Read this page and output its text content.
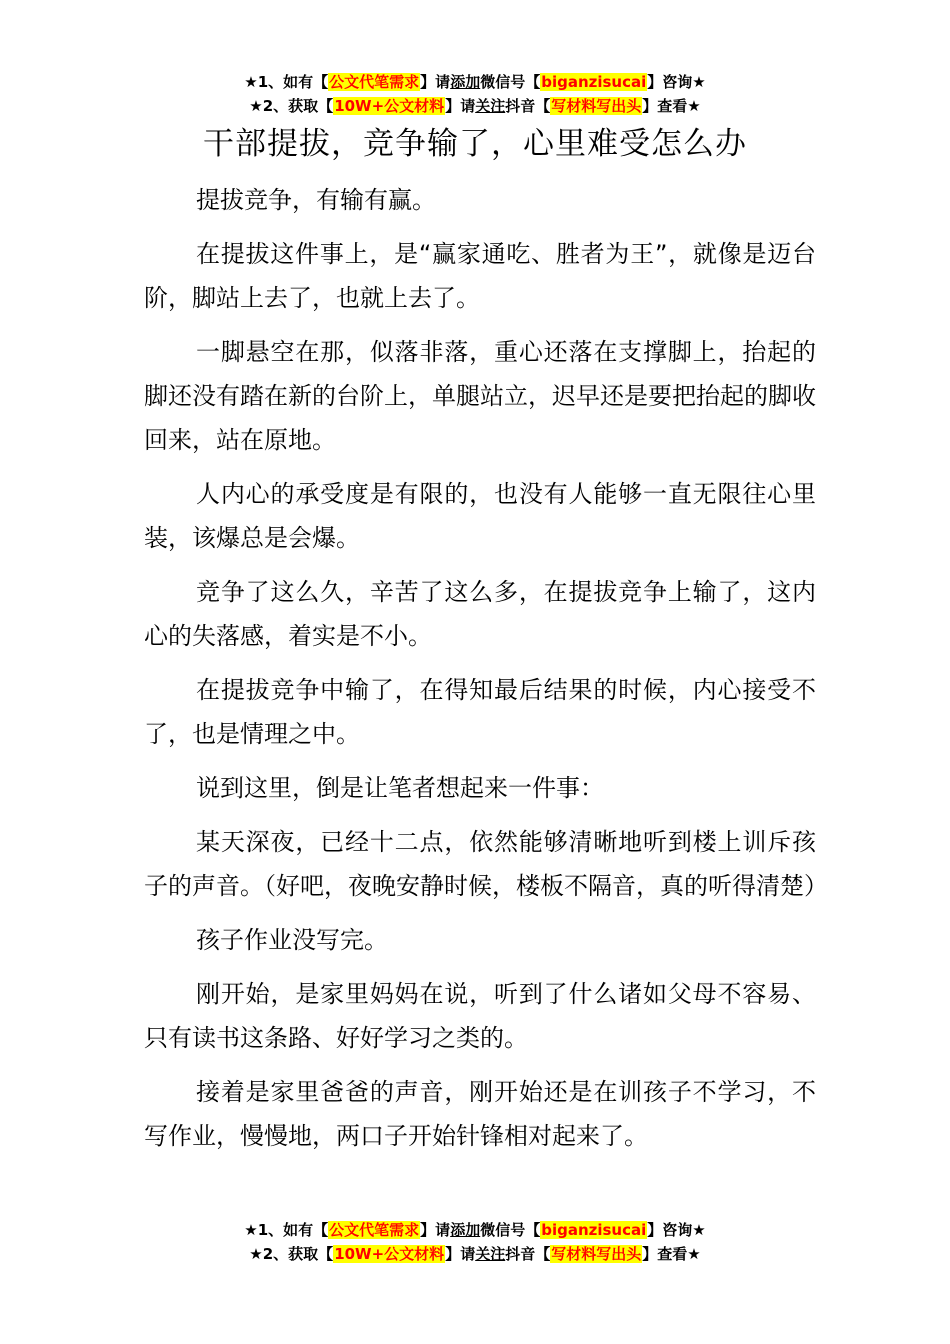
★1、如有【公文代笔需求】请添加微信号【biganzisucai】咨询★
★2、获取【10W+公文材料】请关注抖音【写材料写出头】查看★
干部提拔，竞争输了，心里难受怎么办

提拔竞争，有输有赢。

在提拔这件事上，是“赢家通吃、胜者为王”，就像是迈台阶，脚站上去了，也就上去了。

一脚悬空在那，似落非落，重心还落在支撑脚上，抬起的脚还没有踏在新的台阶上，单腿站立，迟早还是要把抬起的脚收回来，站在原地。

人内心的承受度是有限的，也没有人能够一直无限往心里装，该爆总是会爆。

竞争了这么久，辛苦了这么多，在提拔竞争上输了，这内心的失落感，着实是不小。

在提拔竞争中输了，在得知最后结果的时候，内心接受不了，也是情理之中。

说到这里，倒是让笔者想起来一件事：

某天深夜，已经十二点，依然能够清晰地听到楼上训斥孩子的声音。（好吧，夜晚安静时候，楼板不隔音，真的听得清楚）

孩子作业没写完。

刚开始，是家里妈妈在说，听到了什么诸如父母不容易、只有读书这条路、好好学习之类的。

接着是家里爸爸的声音，刚开始还是在训孩子不学习，不写作业，慢慢地，两口子开始针锋相对起来了。

★1、如有【公文代笔需求】请添加微信号【biganzisucai】咨询★
★2、获取【10W+公文材料】请关注抖音【写材料写出头】查看★
